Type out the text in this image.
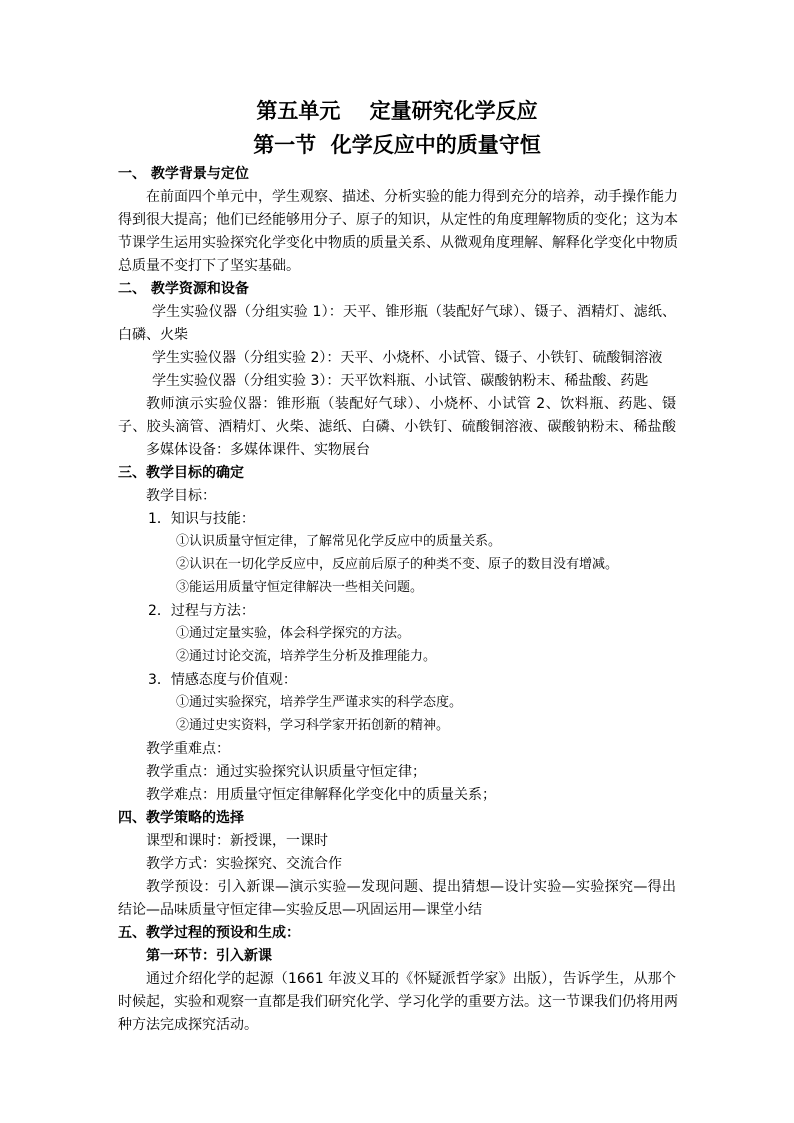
第五单元    定量研究化学反应
第一节  化学反应中的质量守恒
一、 教学背景与定位
在前面四个单元中，学生观察、描述、分析实验的能力得到充分的培养，动手操作能力
得到很大提高；他们已经能够用分子、原子的知识，从定性的角度理解物质的变化；这为本
节课学生运用实验探究化学变化中物质的质量关系、从微观角度理解、解释化学变化中物质
总质量不变打下了坚实基础。
二、 教学资源和设备
学生实验仪器（分组实验 1）：天平、锥形瓶（装配好气球）、镊子、酒精灯、滤纸、
白磷、火柴
学生实验仪器（分组实验 2）：天平、小烧杯、小试管、镊子、小铁钉、硫酸铜溶液
学生实验仪器（分组实验 3）：天平饮料瓶、小试管、碳酸钠粉末、稀盐酸、药匙
教师演示实验仪器：锥形瓶（装配好气球）、小烧杯、小试管 2、饮料瓶、药匙、镊
子、胶头滴管、酒精灯、火柴、滤纸、白磷、小铁钉、硫酸铜溶液、碳酸钠粉末、稀盐酸
多媒体设备：多媒体课件、实物展台
三、教学目标的确定
教学目标：
1．知识与技能：
①认识质量守恒定律，了解常见化学反应中的质量关系。
②认识在一切化学反应中，反应前后原子的种类不变、原子的数目没有增减。
③能运用质量守恒定律解决一些相关问题。
2．过程与方法：
①通过定量实验，体会科学探究的方法。
②通过讨论交流，培养学生分析及推理能力。
3．情感态度与价值观：
①通过实验探究，培养学生严谨求实的科学态度。
②通过史实资料，学习科学家开拓创新的精神。
教学重难点：
教学重点：通过实验探究认识质量守恒定律；
教学难点：用质量守恒定律解释化学变化中的质量关系；
四、教学策略的选择
课型和课时：新授课，一课时
教学方式：实验探究、交流合作
教学预设：引入新课—演示实验—发现问题、提出猜想—设计实验—实验探究—得出
结论—品味质量守恒定律—实验反思—巩固运用—课堂小结
五、教学过程的预设和生成：
第一环节：引入新课
通过介绍化学的起源（1661 年波义耳的《怀疑派哲学家》出版），告诉学生，从那个
时候起，实验和观察一直都是我们研究化学、学习化学的重要方法。这一节课我们仍将用两
种方法完成探究活动。
